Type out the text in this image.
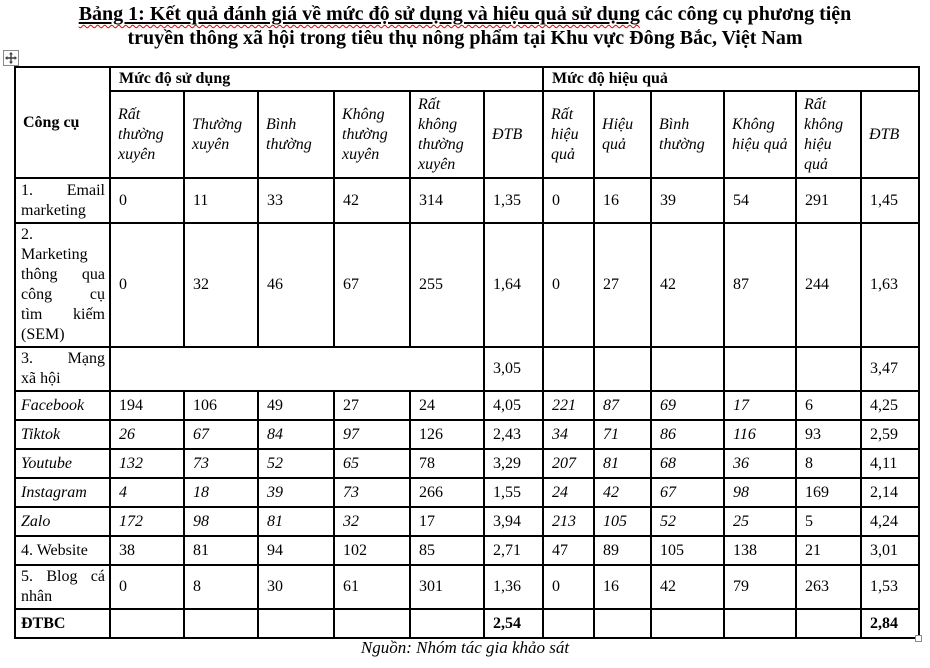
Bảng 1: Kết quả đánh giá về mức độ sử dụng và hiệu quả sử dụng các công cụ phương tiện
truyền thông xã hội trong tiêu thụ nông phẩm tại Khu vực Đông Bắc, Việt Nam
Công cụ	Mức độ sử dụng						Mức độ hiệu quả					
	Rất thường xuyên	Thường xuyên	Bình thường	Không thường xuyên	Rất không thường xuyên	ĐTB	Rất hiệu quả	Hiệu quả	Bình thường	Không hiệu quả	Rất không hiệu quả	ĐTB

1. Email
marketing	0	11	33	42	314	1,35	0	16	39	54	291	1,45

2.
Marketing
thông qua
công cụ
tìm kiếm
(SEM)
	0	32	46	67	255	1,64	0	27	42	87	244	1,63

3. Mạng
xã hội						3,05						3,47

Facebook	194	106	49	27	24	4,05	221	87	69	17	6	4,25

Tiktok	26	67	84	97	126	2,43	34	71	86	116	93	2,59

Youtube	132	73	52	65	78	3,29	207	81	68	36	8	4,11

Instagram	4	18	39	73	266	1,55	24	42	67	98	169	2,14

Zalo	172	98	81	32	17	3,94	213	105	52	25	5	4,24

4. Website	38	81	94	102	85	2,71	47	89	105	138	21	3,01

5. Blog cá
nhân	0	8	30	61	301	1,36	0	16	42	79	263	1,53

ĐTBC						2,54						2,84
Nguồn: Nhóm tác gia khảo sát
